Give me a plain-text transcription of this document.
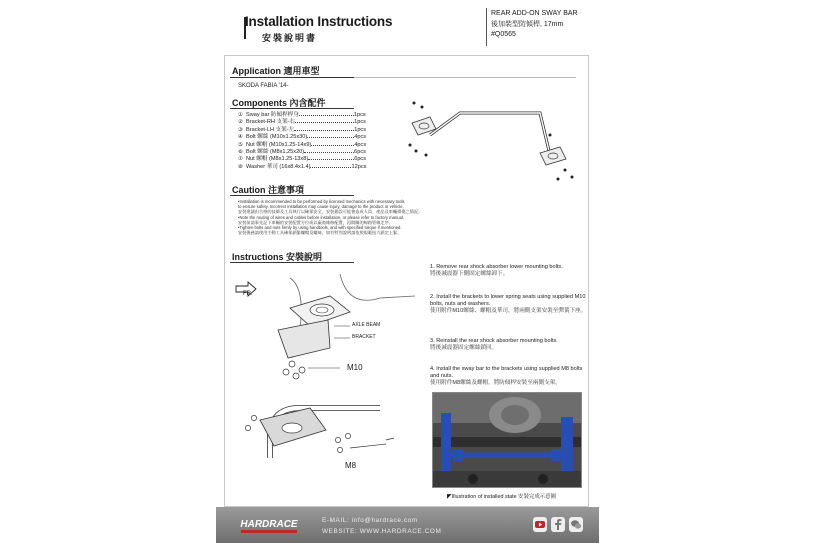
Installation Instructions
安裝說明書
REAR ADD-ON SWAY BAR
後加裝型防傾桿, 17mm
#Q0565
Application 適用車型
SKODA FABIA '14-
Components 內含配件
① Sway bar 防傾桿桿身	1pcs
② Bracket-RH 支架-右	1pcs
③ Bracket-LH 支架-左	1pcs
④ Bolt 螺絲 (M10x1.25x30)	4pcs
⑤ Nut 螺帽 (M10x1.25-14x9)	4pcs
⑥ Bolt 螺絲 (M8x1.25x20)	6pcs
⑦ Nut 螺帽 (M8x1.25-13x8)	6pcs
⑧ Washer 華司 (16x8.4x1.4)	12pcs
Caution 注意事項
•Installation is recommended to be performed by licensed mechanics with necessary tools
to ensure safety. Incorrect installation may cause injury, damage to the product or vehicle.
安裝建議由合格的技師及工具執行以確保安全，安裝錯誤可能會造成人員、產品及車輛損傷之情況。
•Note the routing of wires and cables before installation, or please refer to factory manual.
安裝前請事先記下車輛的安裝配置方位或以廠商維修配置，再開關的線路管線走序。
•Tighten bolts and nuts firmly by using handtools, and with specified torque if mentioned.
安裝後務請使用手動工具確保鎖緊螺帽及螺絲，如有特別說明請依照規範扭力鎖定上緊。
Instructions 安裝說明
FR.
AXLE BEAM
BRACKET
M10
M8
1. Remove rear shock absorber lower mounting bolts.
將後減震器下側固定螺絲卸下。
2. Install the brackets to lower spring seats using supplied M10 bolts, nuts and washers.
使用附件M10螺絲、螺帽及華司，將兩側支架安裝至彈簧下座。
3. Reinstall the rear shock absorber mounting bolts.
將後減震器固定螺絲鎖回。
4. Install the sway bar to the brackets using supplied M8 bolts and nuts.
使用附件M8螺絲及螺帽，將防傾桿安裝至兩側支架。
◤Illustration of installed state 安裝完成示意圖
HARDRACE	E-MAIL: info@hardrace.com
WEBSITE: WWW.HARDRACE.COM
